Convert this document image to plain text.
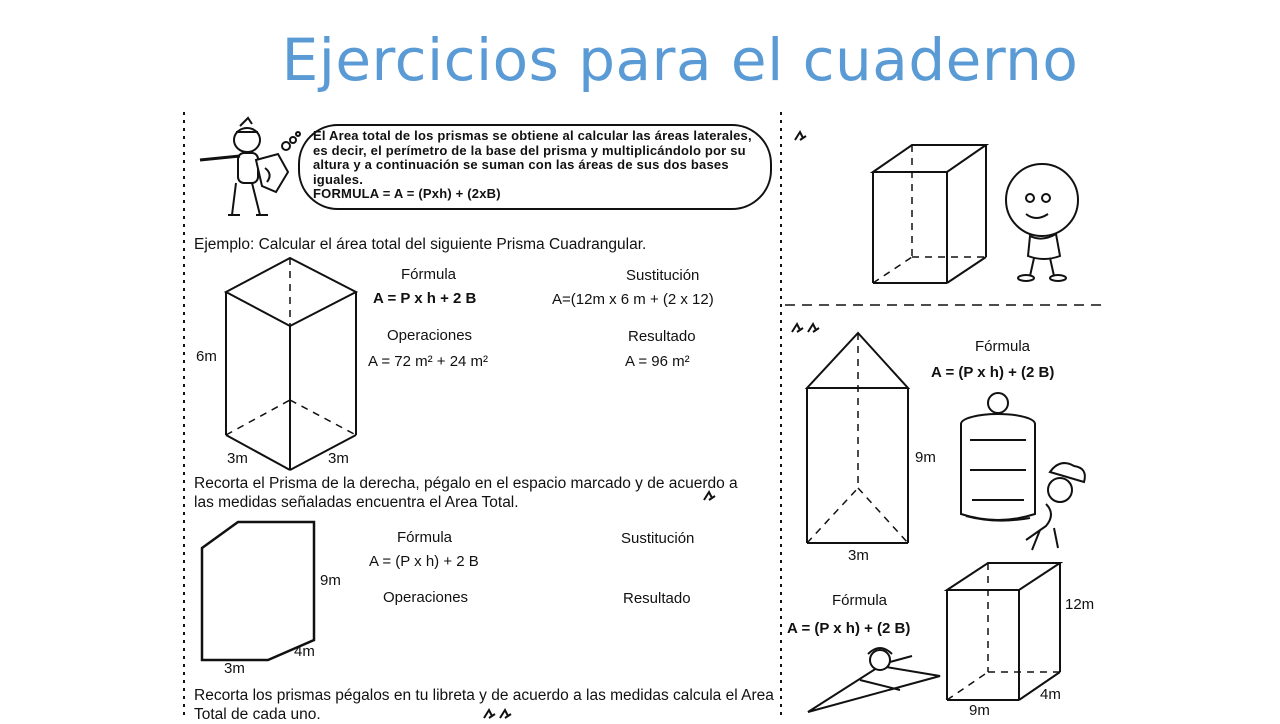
Ejercicios para el cuaderno
El Area total de los prismas se obtiene al calcular las áreas laterales, es decir, el perímetro de la base del prisma y multiplicándolo por su altura y a continuación se suman con las áreas de sus dos bases iguales.
FORMULA = A = (Pxh) + (2xB)
Ejemplo: Calcular el área total del siguiente Prisma Cuadrangular.
Fórmula
A = P x h + 2 B
Sustitución
A=(12m x 6 m + (2 x 12)
Operaciones
A = 72 m² + 24 m²
Resultado
A = 96 m²
6m
3m	3m
Recorta el Prisma de la derecha, pégalo en el espacio marcado y de acuerdo a las medidas señaladas encuentra el Area Total.
Fórmula
A = (P x h) + 2 B
Sustitución
Operaciones	Resultado
9m
3m
4m
Recorta los prismas pégalos en tu libreta y de acuerdo a las medidas calcula el Area Total de cada uno.
Fórmula
A = (P x h) + (2 B)
9m
3m
Fórmula
A = (P x h) + (2 B)
12m
9m
4m
